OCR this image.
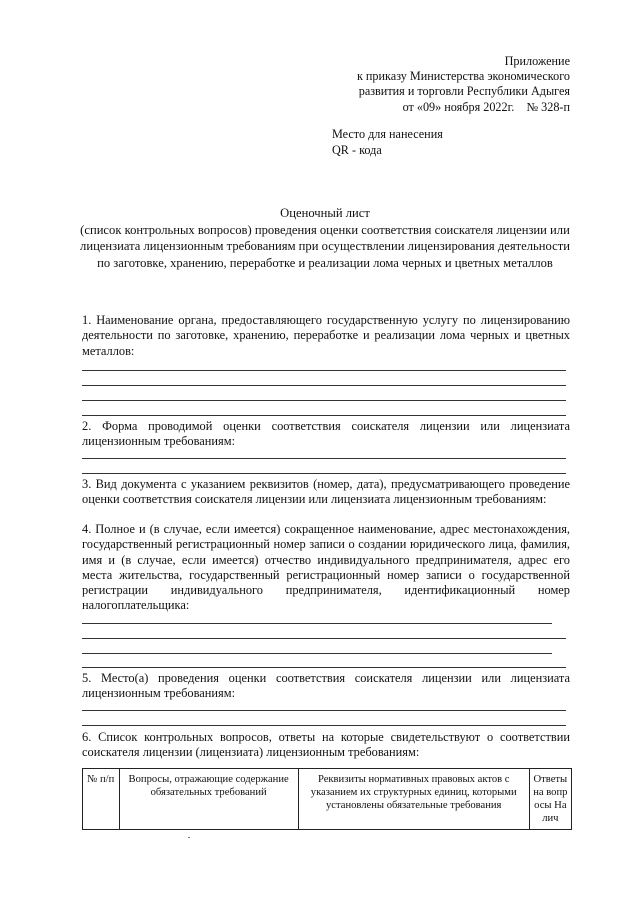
Приложение
к приказу Министерства экономического
развития и торговли Республики Адыгея
от «09» ноября 2022г.    № 328-п
Место для нанесения
QR - кода
Оценочный лист
(список контрольных вопросов) проведения оценки соответствия соискателя лицензии или лицензиата лицензионным требованиям при осуществлении лицензирования деятельности по заготовке, хранению, переработке и реализации лома черных и цветных металлов
1. Наименование органа, предоставляющего государственную услугу по лицензированию деятельности по заготовке, хранению, переработке и реализации лома черных и цветных металлов:
2. Форма проводимой оценки соответствия соискателя лицензии или лицензиата лицензионным требованиям:
3. Вид документа с указанием реквизитов (номер, дата), предусматривающего проведение оценки соответствия соискателя лицензии или лицензиата лицензионным требованиям:
4. Полное и (в случае, если имеется) сокращенное наименование, адрес местонахождения, государственный регистрационный номер записи о создании юридического лица, фамилия, имя и (в случае, если имеется) отчество индивидуального предпринимателя, адрес его места жительства, государственный регистрационный номер записи о государственной регистрации индивидуального предпринимателя, идентификационный номер налогоплательщика:
5. Место(а) проведения оценки соответствия соискателя лицензии или лицензиата лицензионным требованиям:
6. Список контрольных вопросов, ответы на которые свидетельствуют о соответствии соискателя лицензии (лицензиата) лицензионным требованиям:
№ п/п	Вопросы, отражающие содержание обязательных требований	Реквизиты нормативных правовых актов с указанием их структурных единиц, которыми установлены обязательные требования	Ответы на вопросы Налич
